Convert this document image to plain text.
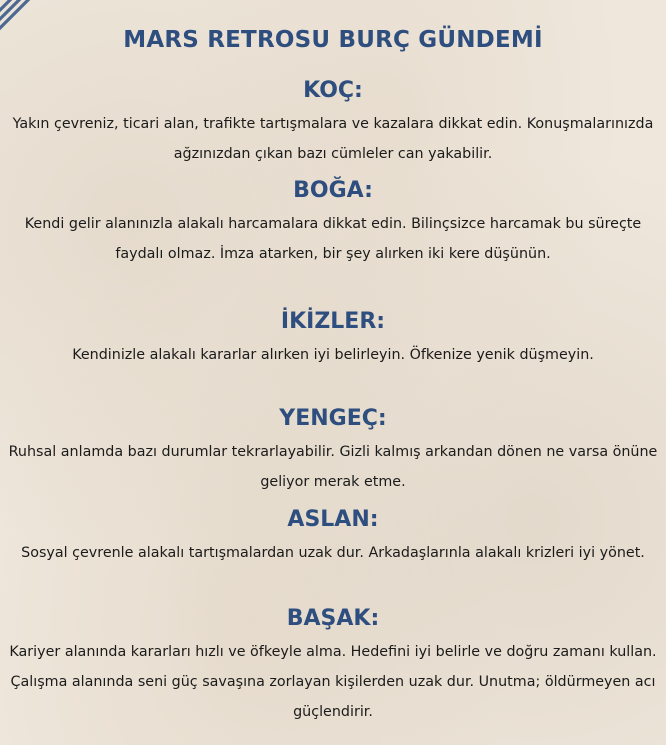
MARS RETROSU BURÇ GÜNDEMİ
KOÇ:
Yakın çevreniz, ticari alan, trafikte tartışmalara ve kazalara dikkat edin. Konuşmalarınızda ağzınızdan çıkan bazı cümleler can yakabilir.
BOĞA:
Kendi gelir alanınızla alakalı harcamalara dikkat edin. Bilinçsizce harcamak bu süreçte faydalı olmaz. İmza atarken, bir şey alırken iki kere düşünün.
İKİZLER:
Kendinizle alakalı kararlar alırken iyi belirleyin. Öfkenize yenik düşmeyin.
YENGEÇ:
Ruhsal anlamda bazı durumlar tekrarlayabilir. Gizli kalmış arkandan dönen ne varsa önüne geliyor merak etme.
ASLAN:
Sosyal çevrenle alakalı tartışmalardan uzak dur. Arkadaşlarınla alakalı krizleri iyi yönet.
BAŞAK:
Kariyer alanında kararları hızlı ve öfkeyle alma. Hedefini iyi belirle ve doğru zamanı kullan. Çalışma alanında seni güç savaşına zorlayan kişilerden uzak dur. Unutma; öldürmeyen acı güçlendirir.
